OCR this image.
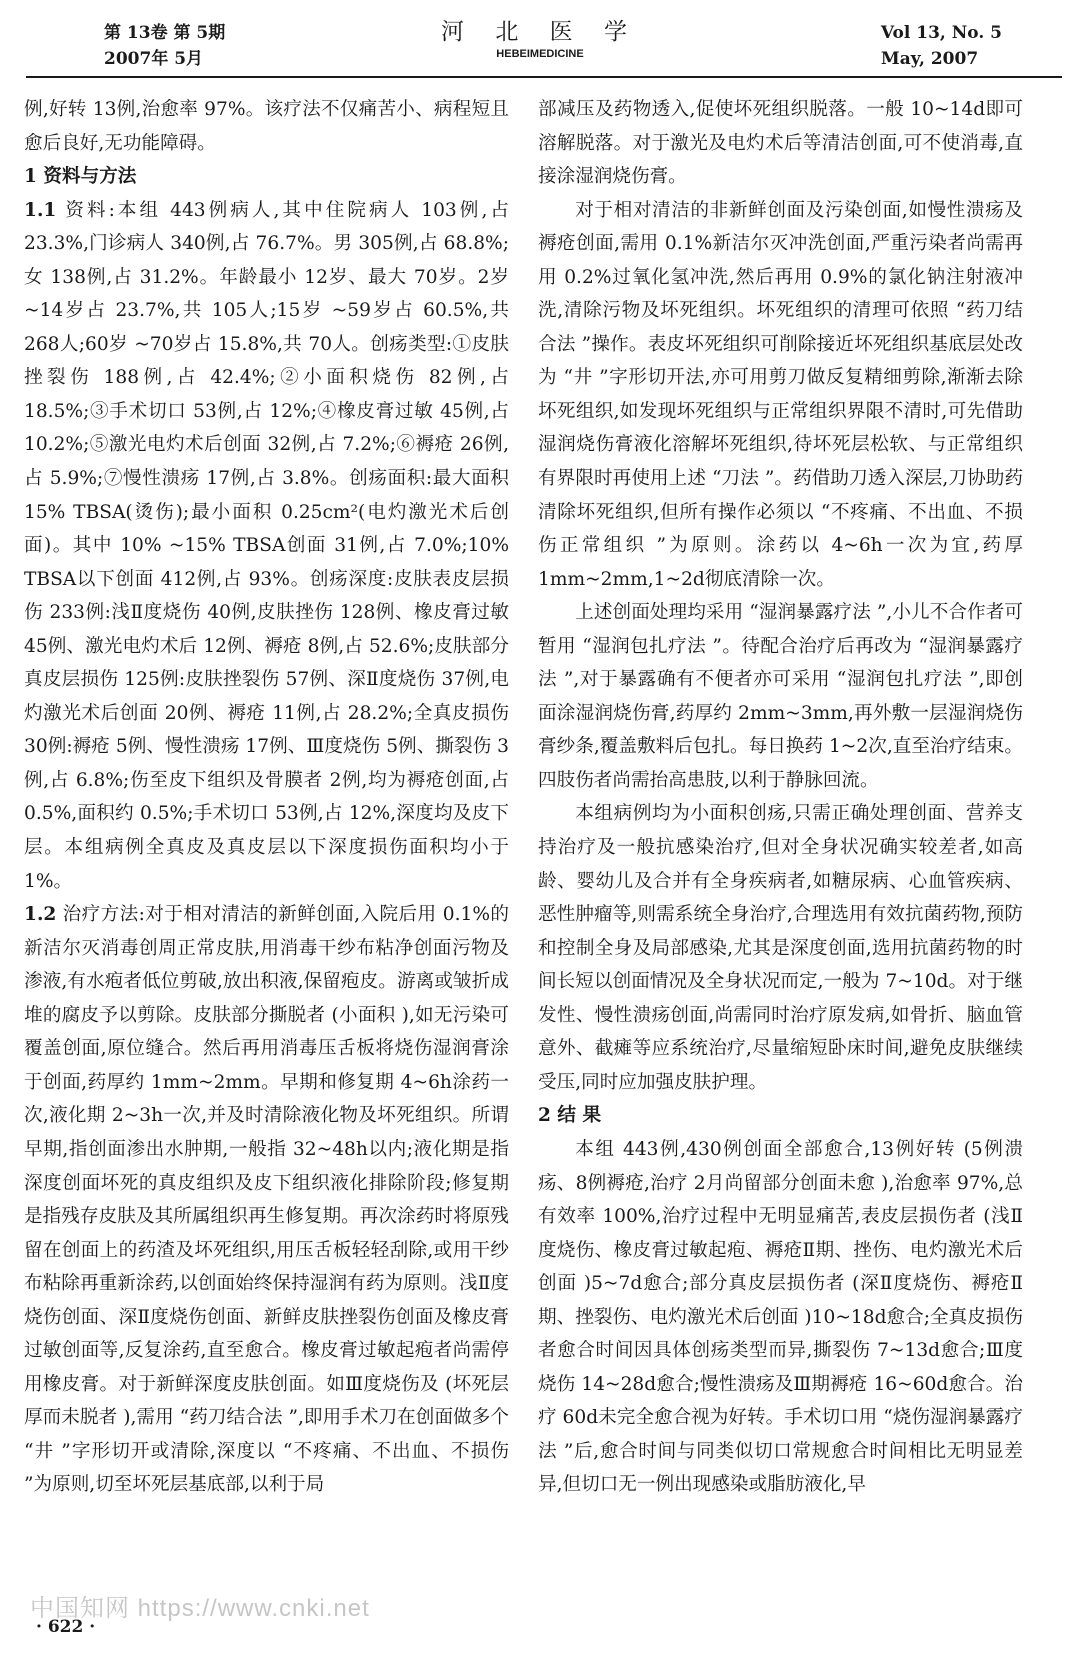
第 13卷 第 5期
2007年 5月
河 北 医 学
HEBEIMEDICINE
Vol 13, No. 5
May, 2007

例,好转 13例,治愈率 97%。该疗法不仅痛苦小、病程短且愈后良好,无功能障碍。

1 资料与方法

1.1 资料:本组 443例病人,其中住院病人 103例,占 23.3%,门诊病人 340例,占 76.7%。男 305例,占 68.8%;女 138例,占 31.2%。年龄最小 12岁、最大 70岁。2岁 ~14岁占 23.7%,共 105人;15岁 ~59岁占 60.5%,共 268人;60岁 ~70岁占 15.8%,共 70人。创疡类型:①皮肤挫裂伤 188例,占 42.4%;②小面积烧伤 82例,占 18.5%;③手术切口 53例,占 12%;④橡皮膏过敏 45例,占 10.2%;⑤激光电灼术后创面 32例,占 7.2%;⑥褥疮 26例,占 5.9%;⑦慢性溃疡 17例,占 3.8%。创疡面积:最大面积 15% TBSA(烫伤);最小面积 0.25cm²(电灼激光术后创面)。其中 10% ~15% TBSA创面 31例,占 7.0%;10% TBSA以下创面 412例,占 93%。创疡深度:皮肤表皮层损伤 233例:浅Ⅱ度烧伤 40例,皮肤挫伤 128例、橡皮膏过敏 45例、激光电灼术后 12例、褥疮 8例,占 52.6%;皮肤部分真皮层损伤 125例:皮肤挫裂伤 57例、深Ⅱ度烧伤 37例,电灼激光术后创面 20例、褥疮 11例,占 28.2%;全真皮损伤 30例:褥疮 5例、慢性溃疡 17例、Ⅲ度烧伤 5例、撕裂伤 3例,占 6.8%;伤至皮下组织及骨膜者 2例,均为褥疮创面,占 0.5%,面积约 0.5%;手术切口 53例,占 12%,深度均及皮下层。本组病例全真皮及真皮层以下深度损伤面积均小于 1%。

1.2 治疗方法:对于相对清洁的新鲜创面,入院后用 0.1%的新洁尔灭消毒创周正常皮肤,用消毒干纱布粘净创面污物及渗液,有水疱者低位剪破,放出积液,保留疱皮。游离或皱折成堆的腐皮予以剪除。皮肤部分撕脱者 (小面积 ),如无污染可覆盖创面,原位缝合。然后再用消毒压舌板将烧伤湿润膏涂于创面,药厚约 1mm~2mm。早期和修复期 4~6h涂药一次,液化期 2~3h一次,并及时清除液化物及坏死组织。所谓早期,指创面渗出水肿期,一般指 32~48h以内;液化期是指深度创面坏死的真皮组织及皮下组织液化排除阶段;修复期是指残存皮肤及其所属组织再生修复期。再次涂药时将原残留在创面上的药渣及坏死组织,用压舌板轻轻刮除,或用干纱布粘除再重新涂药,以创面始终保持湿润有药为原则。浅Ⅱ度烧伤创面、深Ⅱ度烧伤创面、新鲜皮肤挫裂伤创面及橡皮膏过敏创面等,反复涂药,直至愈合。橡皮膏过敏起疱者尚需停用橡皮膏。对于新鲜深度皮肤创面。如Ⅲ度烧伤及 (坏死层厚而未脱者 ),需用 “药刀结合法 ”,即用手术刀在创面做多个 “井 ”字形切开或清除,深度以 “不疼痛、不出血、不损伤 ”为原则,切至坏死层基底部,以利于局

部减压及药物透入,促使坏死组织脱落。一般 10~14d即可溶解脱落。对于激光及电灼术后等清洁创面,可不使消毒,直接涂湿润烧伤膏。

对于相对清洁的非新鲜创面及污染创面,如慢性溃疡及褥疮创面,需用 0.1%新洁尔灭冲洗创面,严重污染者尚需再用 0.2%过氧化氢冲洗,然后再用 0.9%的氯化钠注射液冲洗,清除污物及坏死组织。坏死组织的清理可依照 “药刀结合法 ”操作。表皮坏死组织可削除接近坏死组织基底层处改为 “井 ”字形切开法,亦可用剪刀做反复精细剪除,渐渐去除坏死组织,如发现坏死组织与正常组织界限不清时,可先借助湿润烧伤膏液化溶解坏死组织,待坏死层松软、与正常组织有界限时再使用上述 “刀法 ”。药借助刀透入深层,刀协助药清除坏死组织,但所有操作必须以 “不疼痛、不出血、不损伤正常组织 ”为原则。涂药以 4~6h一次为宜,药厚 1mm~2mm,1~2d彻底清除一次。

上述创面处理均采用 “湿润暴露疗法 ”,小儿不合作者可暂用 “湿润包扎疗法 ”。待配合治疗后再改为 “湿润暴露疗法 ”,对于暴露确有不便者亦可采用 “湿润包扎疗法 ”,即创面涂湿润烧伤膏,药厚约 2mm~3mm,再外敷一层湿润烧伤膏纱条,覆盖敷料后包扎。每日换药 1~2次,直至治疗结束。四肢伤者尚需抬高患肢,以利于静脉回流。

本组病例均为小面积创疡,只需正确处理创面、营养支持治疗及一般抗感染治疗,但对全身状况确实较差者,如高龄、婴幼儿及合并有全身疾病者,如糖尿病、心血管疾病、恶性肿瘤等,则需系统全身治疗,合理选用有效抗菌药物,预防和控制全身及局部感染,尤其是深度创面,选用抗菌药物的时间长短以创面情况及全身状况而定,一般为 7~10d。对于继发性、慢性溃疡创面,尚需同时治疗原发病,如骨折、脑血管意外、截瘫等应系统治疗,尽量缩短卧床时间,避免皮肤继续受压,同时应加强皮肤护理。

2 结 果

本组 443例,430例创面全部愈合,13例好转 (5例溃疡、8例褥疮,治疗 2月尚留部分创面未愈 ),治愈率 97%,总有效率 100%,治疗过程中无明显痛苦,表皮层损伤者 (浅Ⅱ度烧伤、橡皮膏过敏起疱、褥疮Ⅱ期、挫伤、电灼激光术后创面 )5~7d愈合;部分真皮层损伤者 (深Ⅱ度烧伤、褥疮Ⅱ期、挫裂伤、电灼激光术后创面 )10~18d愈合;全真皮损伤者愈合时间因具体创疡类型而异,撕裂伤 7~13d愈合;Ⅲ度烧伤 14~28d愈合;慢性溃疡及Ⅲ期褥疮 16~60d愈合。治疗 60d未完全愈合视为好转。手术切口用 “烧伤湿润暴露疗法 ”后,愈合时间与同类似切口常规愈合时间相比无明显差异,但切口无一例出现感染或脂肪液化,早

中国知网 https://www.cnki.net
· 622 ·
